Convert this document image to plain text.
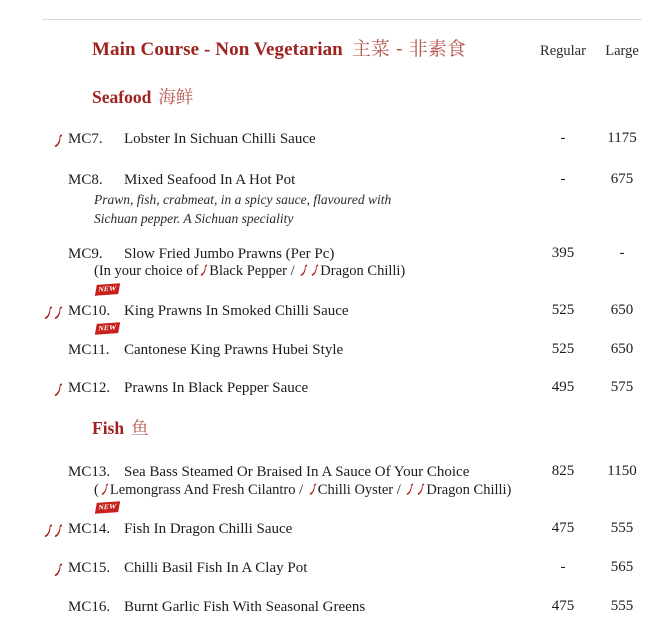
Main Course - Non Vegetarian 主菜 - 非素食	Regular	Large
Seafood 海鲜
MC7.	Lobster In Sichuan Chilli Sauce	-	1175
MC8.	Mixed Seafood In A Hot Pot	-	675
Prawn, fish, crabmeat, in a spicy sauce, flavoured with
Sichuan pepper. A Sichuan speciality
MC9.	Slow Fried Jumbo Prawns (Per Pc)	395	-
(In your choice of Black Pepper /
Dragon Chilli)
MC10. King Prawns In Smoked Chilli Sauce	525	650
NEW
MC11. Cantonese King Prawns Hubei Style	525	650
NEW
MC12. Prawns In Black Pepper Sauce	495	575
MC13. Sea Bass Steamed Or Braised In A Sauce Of Your Choice	825	1150
( Lemongrass And Fresh Cilantro /
Chilli Oyster /
Dragon Chilli)
MC14. Fish In Dragon Chilli Sauce	475	555
NEW
MC15. Chilli Basil Fish In A Clay Pot	-	565
MC16. Burnt Garlic Fish With Seasonal Greens	475	555
Fish 鱼
